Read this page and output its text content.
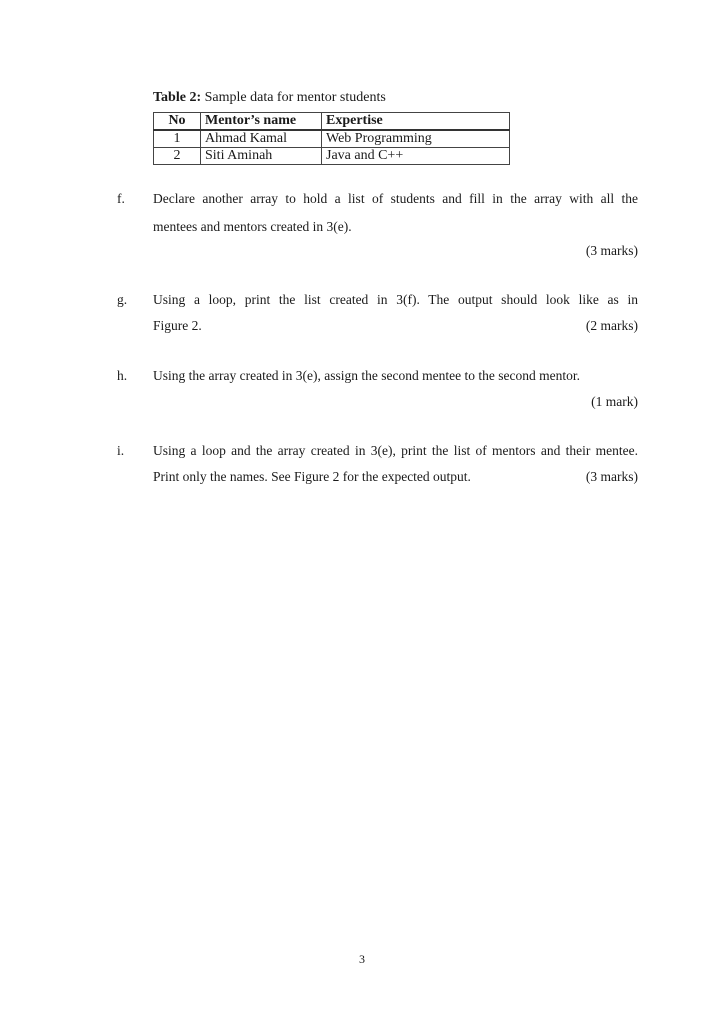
Table 2: Sample data for mentor students
No	Mentor’s name	Expertise
1	Ahmad Kamal	Web Programming
2	Siti Aminah	Java and C++
f. Declare another array to hold a list of students and fill in the array with all the
mentees and mentors created in 3(e).
(3 marks)
g. Using a loop, print the list created in 3(f). The output should look like as in
Figure 2.	(2 marks)
h. Using the array created in 3(e), assign the second mentee to the second mentor.
(1 mark)
i. Using a loop and the array created in 3(e), print the list of mentors and their mentee.
Print only the names. See Figure 2 for the expected output.	(3 marks)
3
